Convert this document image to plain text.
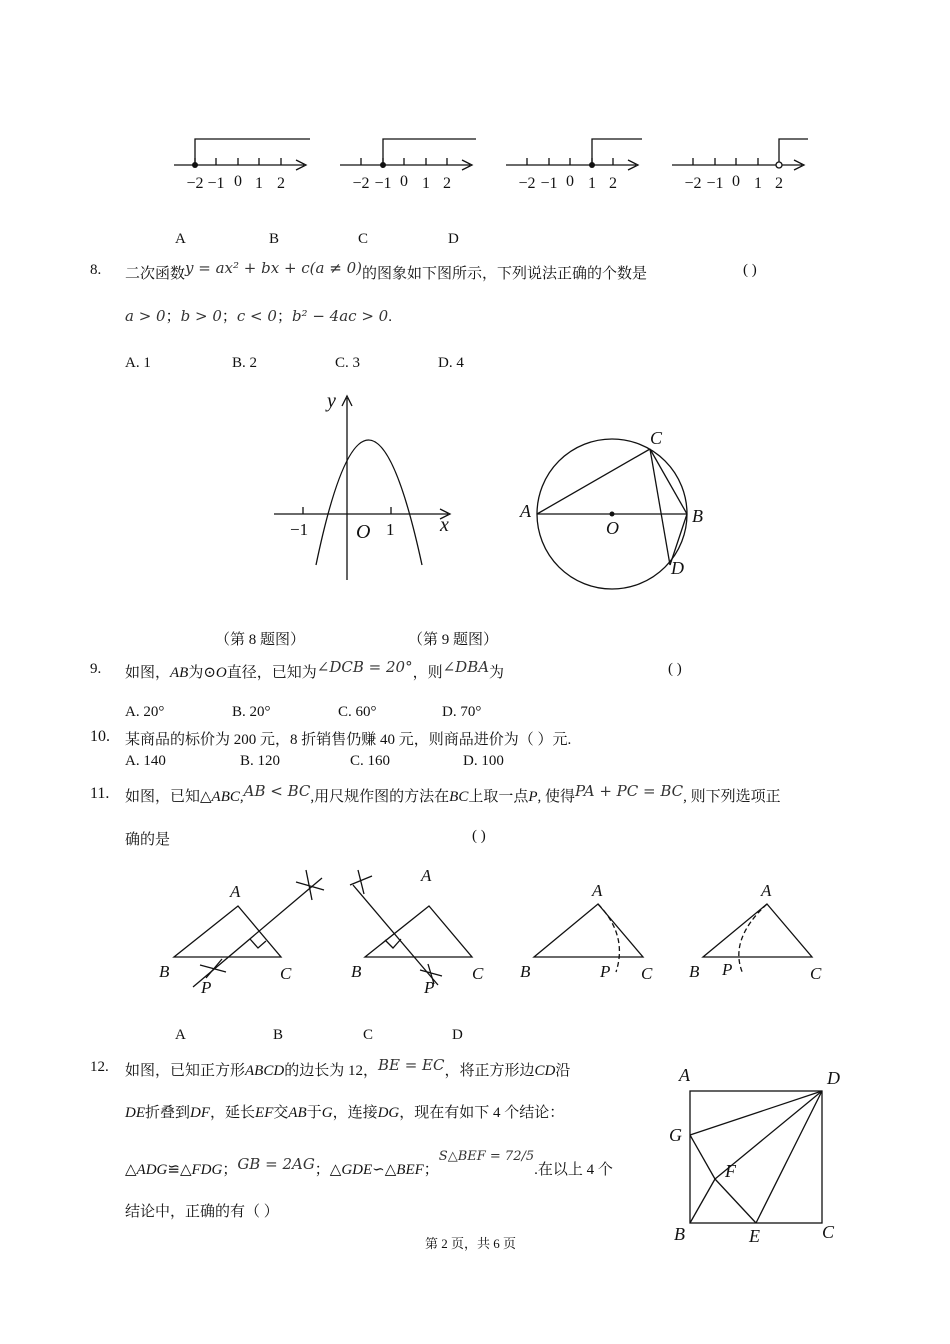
−2 −1 0 1 2	−2 −1 0 1 2	−2 −1 0 1 2	−2 −1 0 1 2
A	B	C	D
8. 二次函数y = ax² + bx + c(a ≠ 0)的图象如下图所示，下列说法正确的个数是	( )
a > 0；b > 0；c < 0；b² − 4ac > 0.
A. 1	B. 2	C. 3	D. 4
y
x
O
−1	1
A	B
C
D
O
（第 8 题图）	（第 9 题图）
9. 如图，AB为⊙O直径，已知为∠DCB = 20°，则∠DBA为	( )
A. 20°	B. 20°	C. 60°	D. 70°
10. 某商品的标价为 200 元，8 折销售仍赚 40 元，则商品进价为（ ）元.
A. 140	B. 120	C. 160	D. 100
11. 如图，已知△ABC,AB < BC,用尺规作图的方法在BC上取一点P, 使得PA + PC = BC, 则下列选项正
确的是	( )
A
B	C
P
A
B	C
P
A
B	C
P
A
B	C
P
A	B	C	D
12. 如图，已知正方形ABCD的边长为 12，BE = EC，将正方形边CD沿
DE折叠到DF，延长EF交AB于G，连接DG，现在有如下 4 个结论：
△ADG≌△FDG；GB = 2AG；△GDE∽△BEF；S△BEF = 72/5.在以上 4 个
结论中，正确的有（ ）
A	D
G
F
B	E	C
第 2 页，共 6 页
